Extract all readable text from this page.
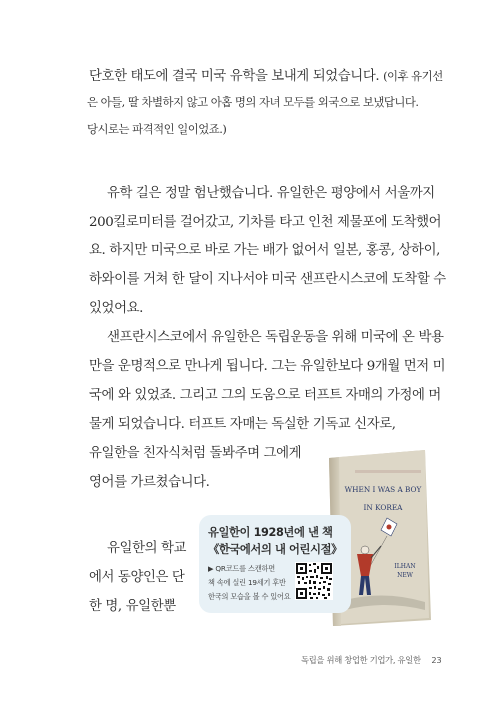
단호한 태도에 결국 미국 유학을 보내게 되었습니다. (이후 유기선
은 아들, 딸 차별하지 않고 아홉 명의 자녀 모두를 외국으로 보냈답니다.
당시로는 파격적인 일이었죠.)
유학 길은 정말 험난했습니다. 유일한은 평양에서 서울까지
200킬로미터를 걸어갔고, 기차를 타고 인천 제물포에 도착했어
요. 하지만 미국으로 바로 가는 배가 없어서 일본, 홍콩, 상하이,
하와이를 거쳐 한 달이 지나서야 미국 샌프란시스코에 도착할 수
있었어요.
샌프란시스코에서 유일한은 독립운동을 위해 미국에 온 박용
만을 운명적으로 만나게 됩니다. 그는 유일한보다 9개월 먼저 미
국에 와 있었죠. 그리고 그의 도움으로 터프트 자매의 가정에 머
물게 되었습니다. 터프트 자매는 독실한 기독교 신자로,
유일한을 친자식처럼 돌봐주며 그에게
영어를 가르쳤습니다.
유일한의 학교
에서 동양인은 단
한 명, 유일한뿐
WHEN I WAS A BOY
IN KOREA
ILHAN
NEW
유일한이 1928년에 낸 책
《한국에서의 내 어린시절》
▶ QR코드를 스캔하면
책 속에 실린 19세기 후반
한국의 모습을 볼 수 있어요
독립을 위해 창업한 기업가, 유일한 23
